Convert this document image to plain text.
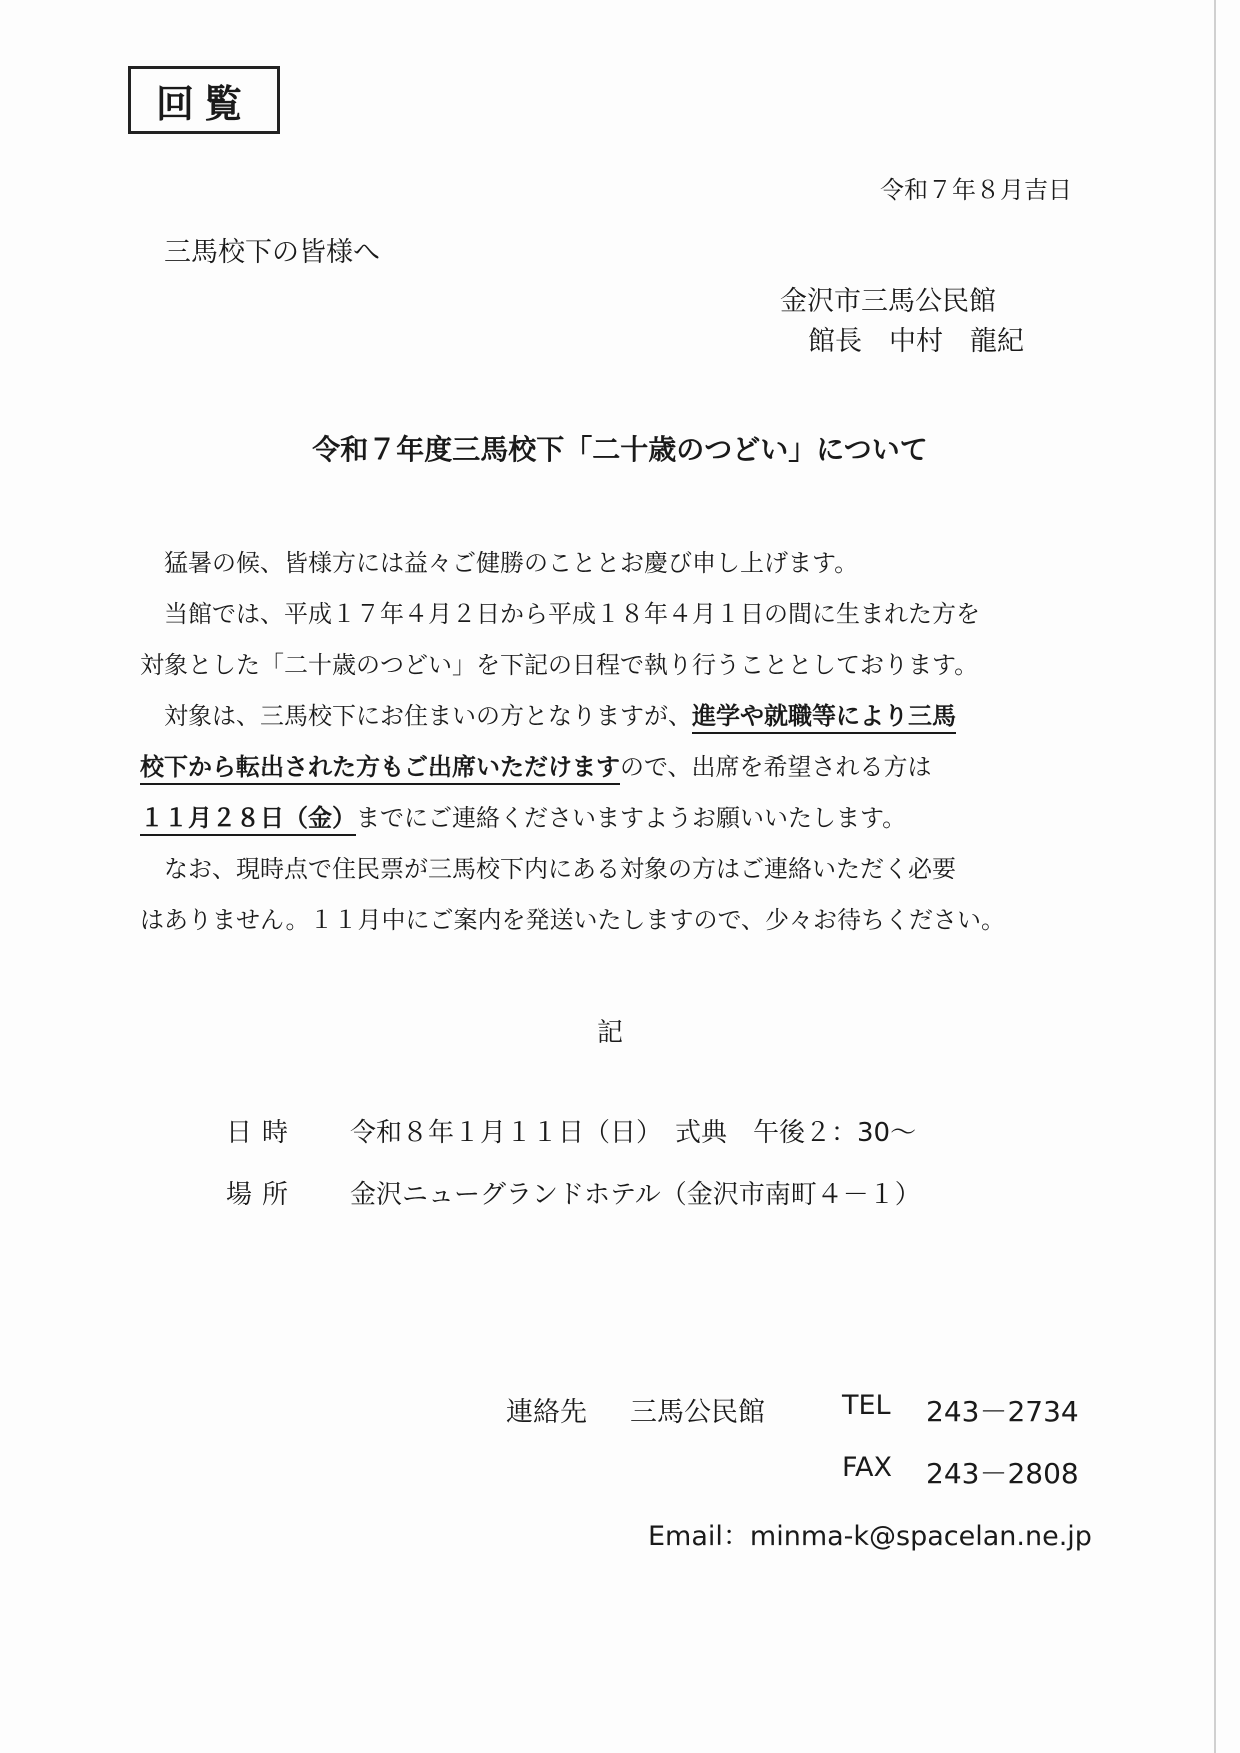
回覧
令和７年８月吉日
三馬校下の皆様へ
金沢市三馬公民館
館長　中村　龍紀
令和７年度三馬校下「二十歳のつどい」について
猛暑の候、皆様方には益々ご健勝のこととお慶び申し上げます。
当館では、平成１７年４月２日から平成１８年４月１日の間に生まれた方を
対象とした「二十歳のつどい」を下記の日程で執り行うこととしております。
対象は、三馬校下にお住まいの方となりますが、進学や就職等により三馬
校下から転出された方もご出席いただけますので、出席を希望される方は
１１月２８日（金）までにご連絡くださいますようお願いいたします。
なお、現時点で住民票が三馬校下内にある対象の方はご連絡いただく必要
はありません。１１月中にご案内を発送いたしますので、少々お待ちください。
記
日時	令和８年１月１１日（日）　式典　午後２：30～
場所	金沢ニューグランドホテル（金沢市南町４－１）
連絡先 三馬公民館	TEL 243－2734
FAX 243－2808
Email：minma-k@spacelan.ne.jp
